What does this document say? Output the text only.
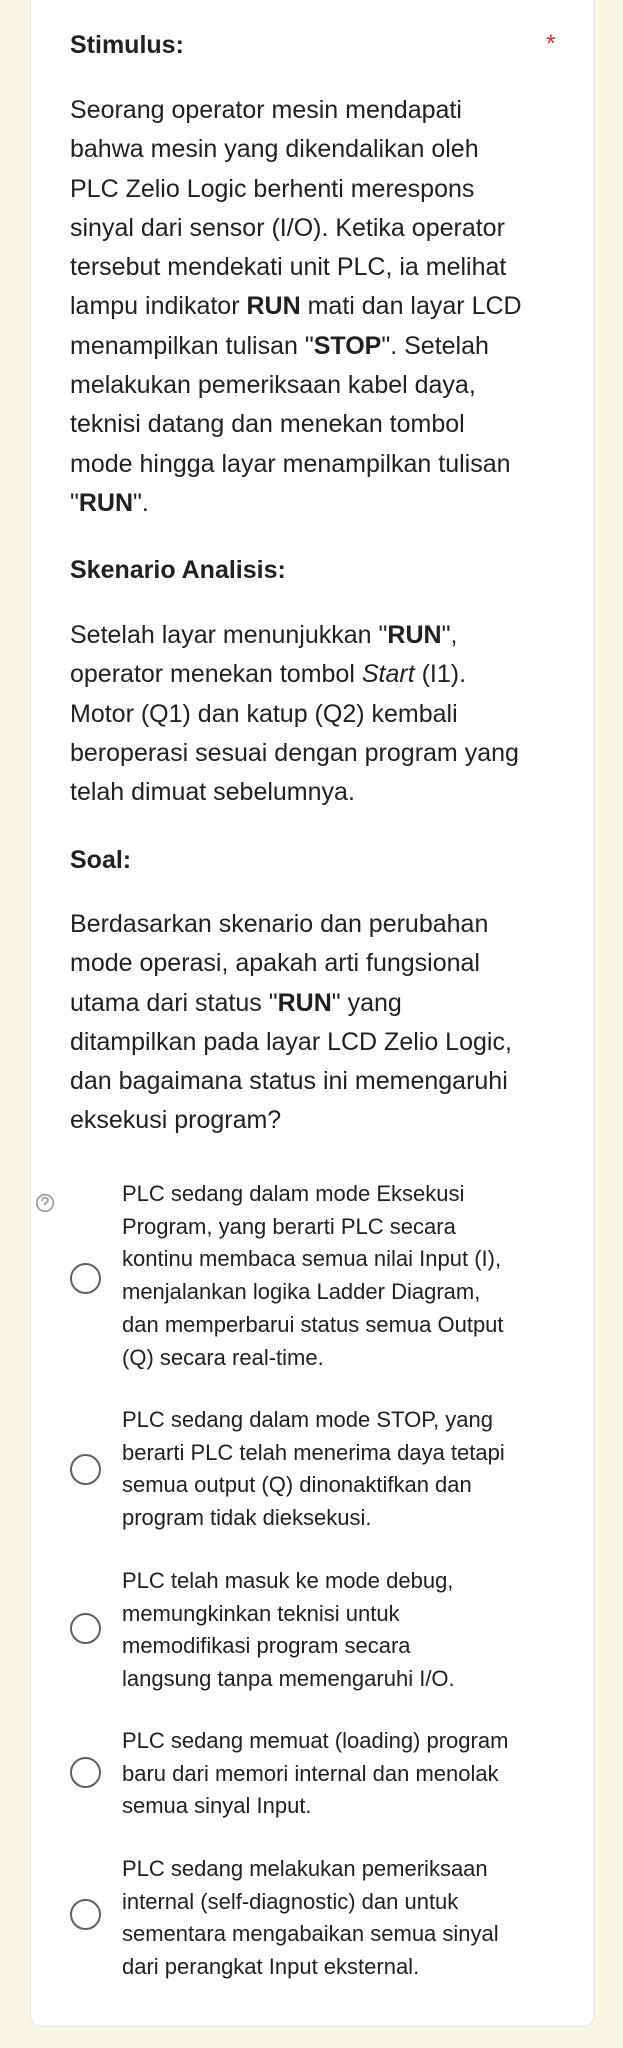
*
Stimulus:
Seorang operator mesin mendapati
bahwa mesin yang dikendalikan oleh
PLC Zelio Logic berhenti merespons
sinyal dari sensor (I/O). Ketika operator
tersebut mendekati unit PLC, ia melihat
lampu indikator RUN mati dan layar LCD
menampilkan tulisan "STOP". Setelah
melakukan pemeriksaan kabel daya,
teknisi datang dan menekan tombol
mode hingga layar menampilkan tulisan
"RUN".
Skenario Analisis:
Setelah layar menunjukkan "RUN",
operator menekan tombol Start (I1).
Motor (Q1) dan katup (Q2) kembali
beroperasi sesuai dengan program yang
telah dimuat sebelumnya.
Soal:
Berdasarkan skenario dan perubahan
mode operasi, apakah arti fungsional
utama dari status "RUN" yang
ditampilkan pada layar LCD Zelio Logic,
dan bagaimana status ini memengaruhi
eksekusi program?
PLC sedang dalam mode Eksekusi
Program, yang berarti PLC secara
kontinu membaca semua nilai Input (I),
menjalankan logika Ladder Diagram,
dan memperbarui status semua Output
(Q) secara real-time.
PLC sedang dalam mode STOP, yang
berarti PLC telah menerima daya tetapi
semua output (Q) dinonaktifkan dan
program tidak dieksekusi.
PLC telah masuk ke mode debug,
memungkinkan teknisi untuk
memodifikasi program secara
langsung tanpa memengaruhi I/O.
PLC sedang memuat (loading) program
baru dari memori internal dan menolak
semua sinyal Input.
PLC sedang melakukan pemeriksaan
internal (self-diagnostic) dan untuk
sementara mengabaikan semua sinyal
dari perangkat Input eksternal.
